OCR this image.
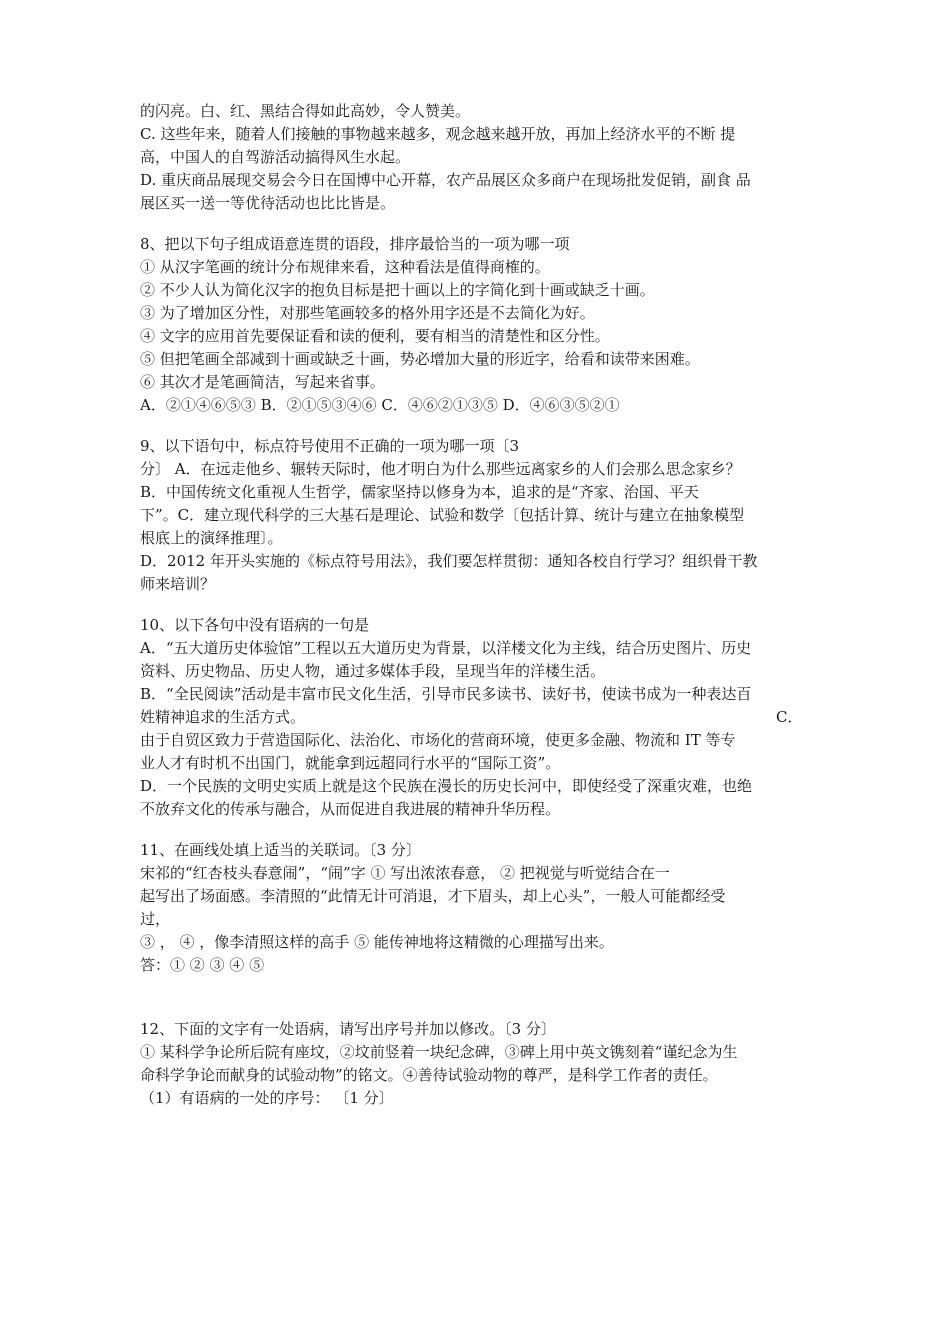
的闪亮。白、红、黑结合得如此高妙，令人赞美。
C. 这些年来，随着人们接触的事物越来越多，观念越来越开放，再加上经济水平的不断 提
高，中国人的自驾游活动搞得风生水起。
D. 重庆商品展现交易会今日在国博中心开幕，农产品展区众多商户在现场批发促销，副食 品
展区买一送一等优待活动也比比皆是。
8、把以下句子组成语意连贯的语段，排序最恰当的一项为哪一项
① 从汉字笔画的统计分布规律来看，这种看法是值得商榷的。
② 不少人认为简化汉字的抱负目标是把十画以上的字简化到十画或缺乏十画。
③ 为了增加区分性，对那些笔画较多的格外用字还是不去简化为好。
④ 文字的应用首先要保证看和读的便利，要有相当的清楚性和区分性。
⑤ 但把笔画全部减到十画或缺乏十画，势必增加大量的形近字，给看和读带来困难。
⑥ 其次才是笔画简洁，写起来省事。
A．②①④⑥⑤③ B．②①⑤③④⑥ C．④⑥②①③⑤ D．④⑥③⑤②①
9、以下语句中，标点符号使用不正确的一项为哪一项〔3
分〕 A．在远走他乡、辗转天际时，他才明白为什么那些远离家乡的人们会那么思念家乡？
B．中国传统文化重视人生哲学，儒家坚持以修身为本，追求的是“齐家、治国、平天
下”。C．建立现代科学的三大基石是理论、试验和数学〔包括计算、统计与建立在抽象模型
根底上的演绎推理〕。
D．2012 年开头实施的《标点符号用法》，我们要怎样贯彻：通知各校自行学习？组织骨干教
师来培训？
10、以下各句中没有语病的一句是
A．“五大道历史体验馆”工程以五大道历史为背景，以洋楼文化为主线，结合历史图片、历史
资料、历史物品、历史人物，通过多媒体手段，呈现当年的洋楼生活。
B．“全民阅读”活动是丰富市民文化生活，引导市民多读书、读好书，使读书成为一种表达百
姓精神追求的生活方式。	C．
由于自贸区致力于营造国际化、法治化、市场化的营商环境，使更多金融、物流和 IT 等专
业人才有时机不出国门，就能拿到远超同行水平的“国际工资”。
D．一个民族的文明史实质上就是这个民族在漫长的历史长河中，即使经受了深重灾难，也绝
不放弃文化的传承与融合，从而促进自我进展的精神升华历程。
11、在画线处填上适当的关联词。〔3 分〕
宋祁的“红杏枝头春意闹”，“闹”字 ① 写出浓浓春意， ② 把视觉与听觉结合在一
起写出了场面感。李清照的“此情无计可消退，才下眉头，却上心头”，一般人可能都经受
过，
③ ， ④ ，像李清照这样的高手 ⑤ 能传神地将这精微的心理描写出来。
答：① ② ③ ④ ⑤
12、下面的文字有一处语病，请写出序号并加以修改。〔3 分〕
① 某科学争论所后院有座坟，②坟前竖着一块纪念碑，③碑上用中英文镌刻着“谨纪念为生
命科学争论而献身的试验动物”的铭文。④善待试验动物的尊严，是科学工作者的责任。
（1）有语病的一处的序号： 〔1 分〕
